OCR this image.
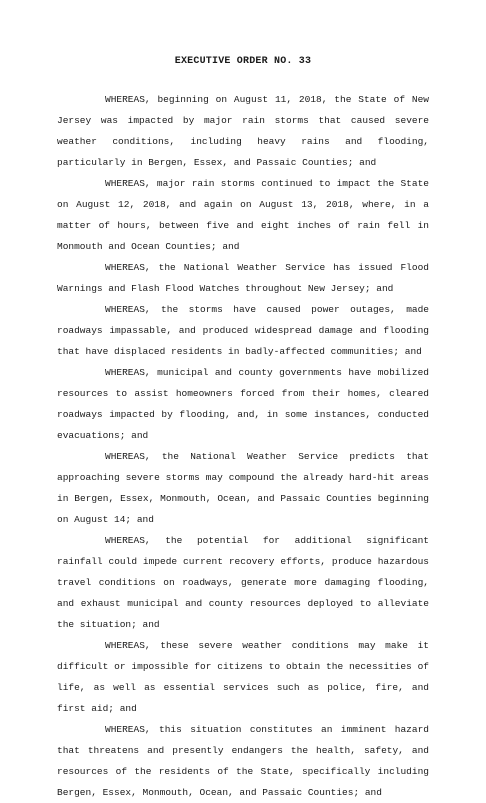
EXECUTIVE ORDER NO. 33

WHEREAS, beginning on August 11, 2018, the State of New Jersey was impacted by major rain storms that caused severe weather conditions, including heavy rains and flooding, particularly in Bergen, Essex, and Passaic Counties; and

WHEREAS, major rain storms continued to impact the State on August 12, 2018, and again on August 13, 2018, where, in a matter of hours, between five and eight inches of rain fell in Monmouth and Ocean Counties; and

WHEREAS, the National Weather Service has issued Flood Warnings and Flash Flood Watches throughout New Jersey; and

WHEREAS, the storms have caused power outages, made roadways impassable, and produced widespread damage and flooding that have displaced residents in badly-affected communities; and

WHEREAS, municipal and county governments have mobilized resources to assist homeowners forced from their homes, cleared roadways impacted by flooding, and, in some instances, conducted evacuations; and

WHEREAS, the National Weather Service predicts that approaching severe storms may compound the already hard-hit areas in Bergen, Essex, Monmouth, Ocean, and Passaic Counties beginning on August 14; and

WHEREAS, the potential for additional significant rainfall could impede current recovery efforts, produce hazardous travel conditions on roadways, generate more damaging flooding, and exhaust municipal and county resources deployed to alleviate the situation; and

WHEREAS, these severe weather conditions may make it difficult or impossible for citizens to obtain the necessities of life, as well as essential services such as police, fire, and first aid; and

WHEREAS, this situation constitutes an imminent hazard that threatens and presently endangers the health, safety, and resources of the residents of the State, specifically including Bergen, Essex, Monmouth, Ocean, and Passaic Counties; and
